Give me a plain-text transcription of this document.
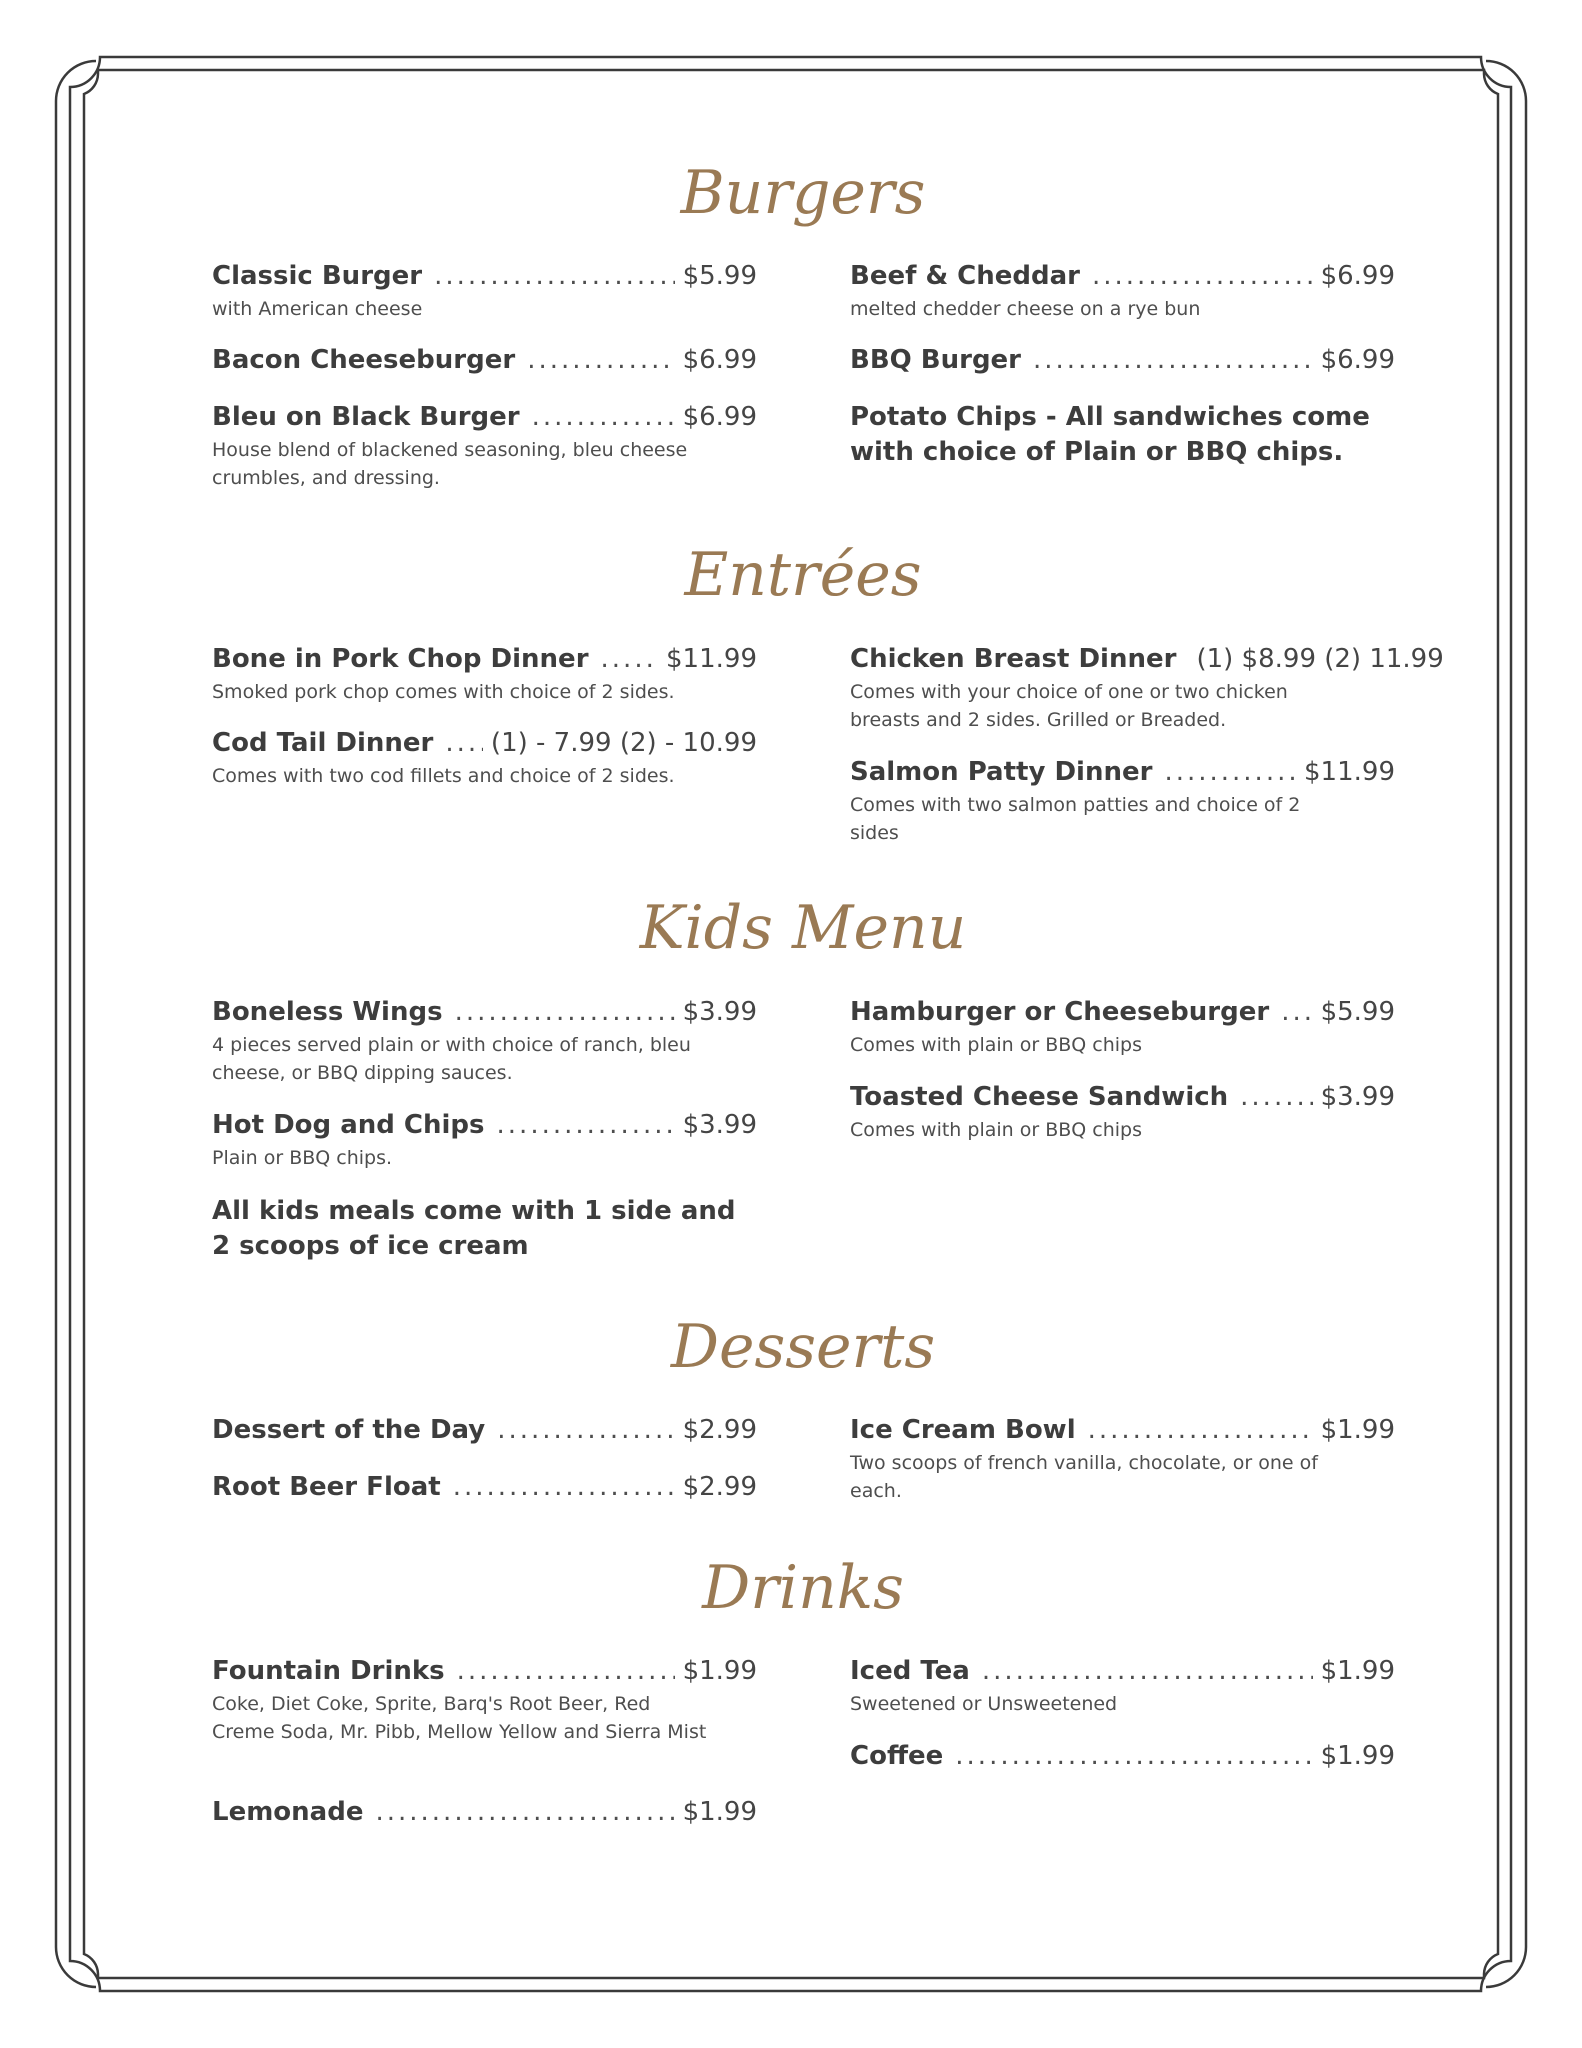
Burgers
Classic Burger .....	$5.99
with American cheese
Beef & Cheddar .....	$6.99
melted chedder cheese on a rye bun
Bacon Cheeseburger .....	$6.99	BBQ Burger .....	$6.99
Bleu on Black Burger .....	$6.99
House blend of blackened seasoning, bleu cheese crumbles, and dressing.
Potato Chips - All sandwiches come with choice of Plain or BBQ chips.
Entrées
Bone in Pork Chop Dinner .....	$11.99
Smoked pork chop comes with choice of 2 sides.
Chicken Breast Dinner (1) $8.99 (2) 11.99
Comes with your choice of one or two chicken breasts and 2 sides. Grilled or Breaded.
Cod Tail Dinner ..... (1) - 7.99 (2) - 10.99
Comes with two cod fillets and choice of 2 sides.	Salmon Patty Dinner .....	$11.99
Comes with two salmon patties and choice of 2 sides
Kids Menu
Boneless Wings .....	$3.99
4 pieces served plain or with choice of ranch, bleu cheese, or BBQ dipping sauces.
Hamburger or Cheeseburger ..... $5.99
Comes with plain or BBQ chips
Toasted Cheese Sandwich .....	$3.99
Comes with plain or BBQ chips
Hot Dog and Chips .....	$3.99
Plain or BBQ chips.
All kids meals come with 1 side and 2 scoops of ice cream
Desserts
Dessert of the Day .....	$2.99	Ice Cream Bowl .....	$1.99
Two scoops of french vanilla, chocolate, or one of each.
Root Beer Float .....	$2.99
Drinks
Fountain Drinks .....	$1.99
Coke, Diet Coke, Sprite, Barq's Root Beer, Red Creme Soda, Mr. Pibb, Mellow Yellow and Sierra Mist
Iced Tea .....	$1.99
Sweetened or Unsweetened
Coffee .....	$1.99
Lemonade .....	$1.99
